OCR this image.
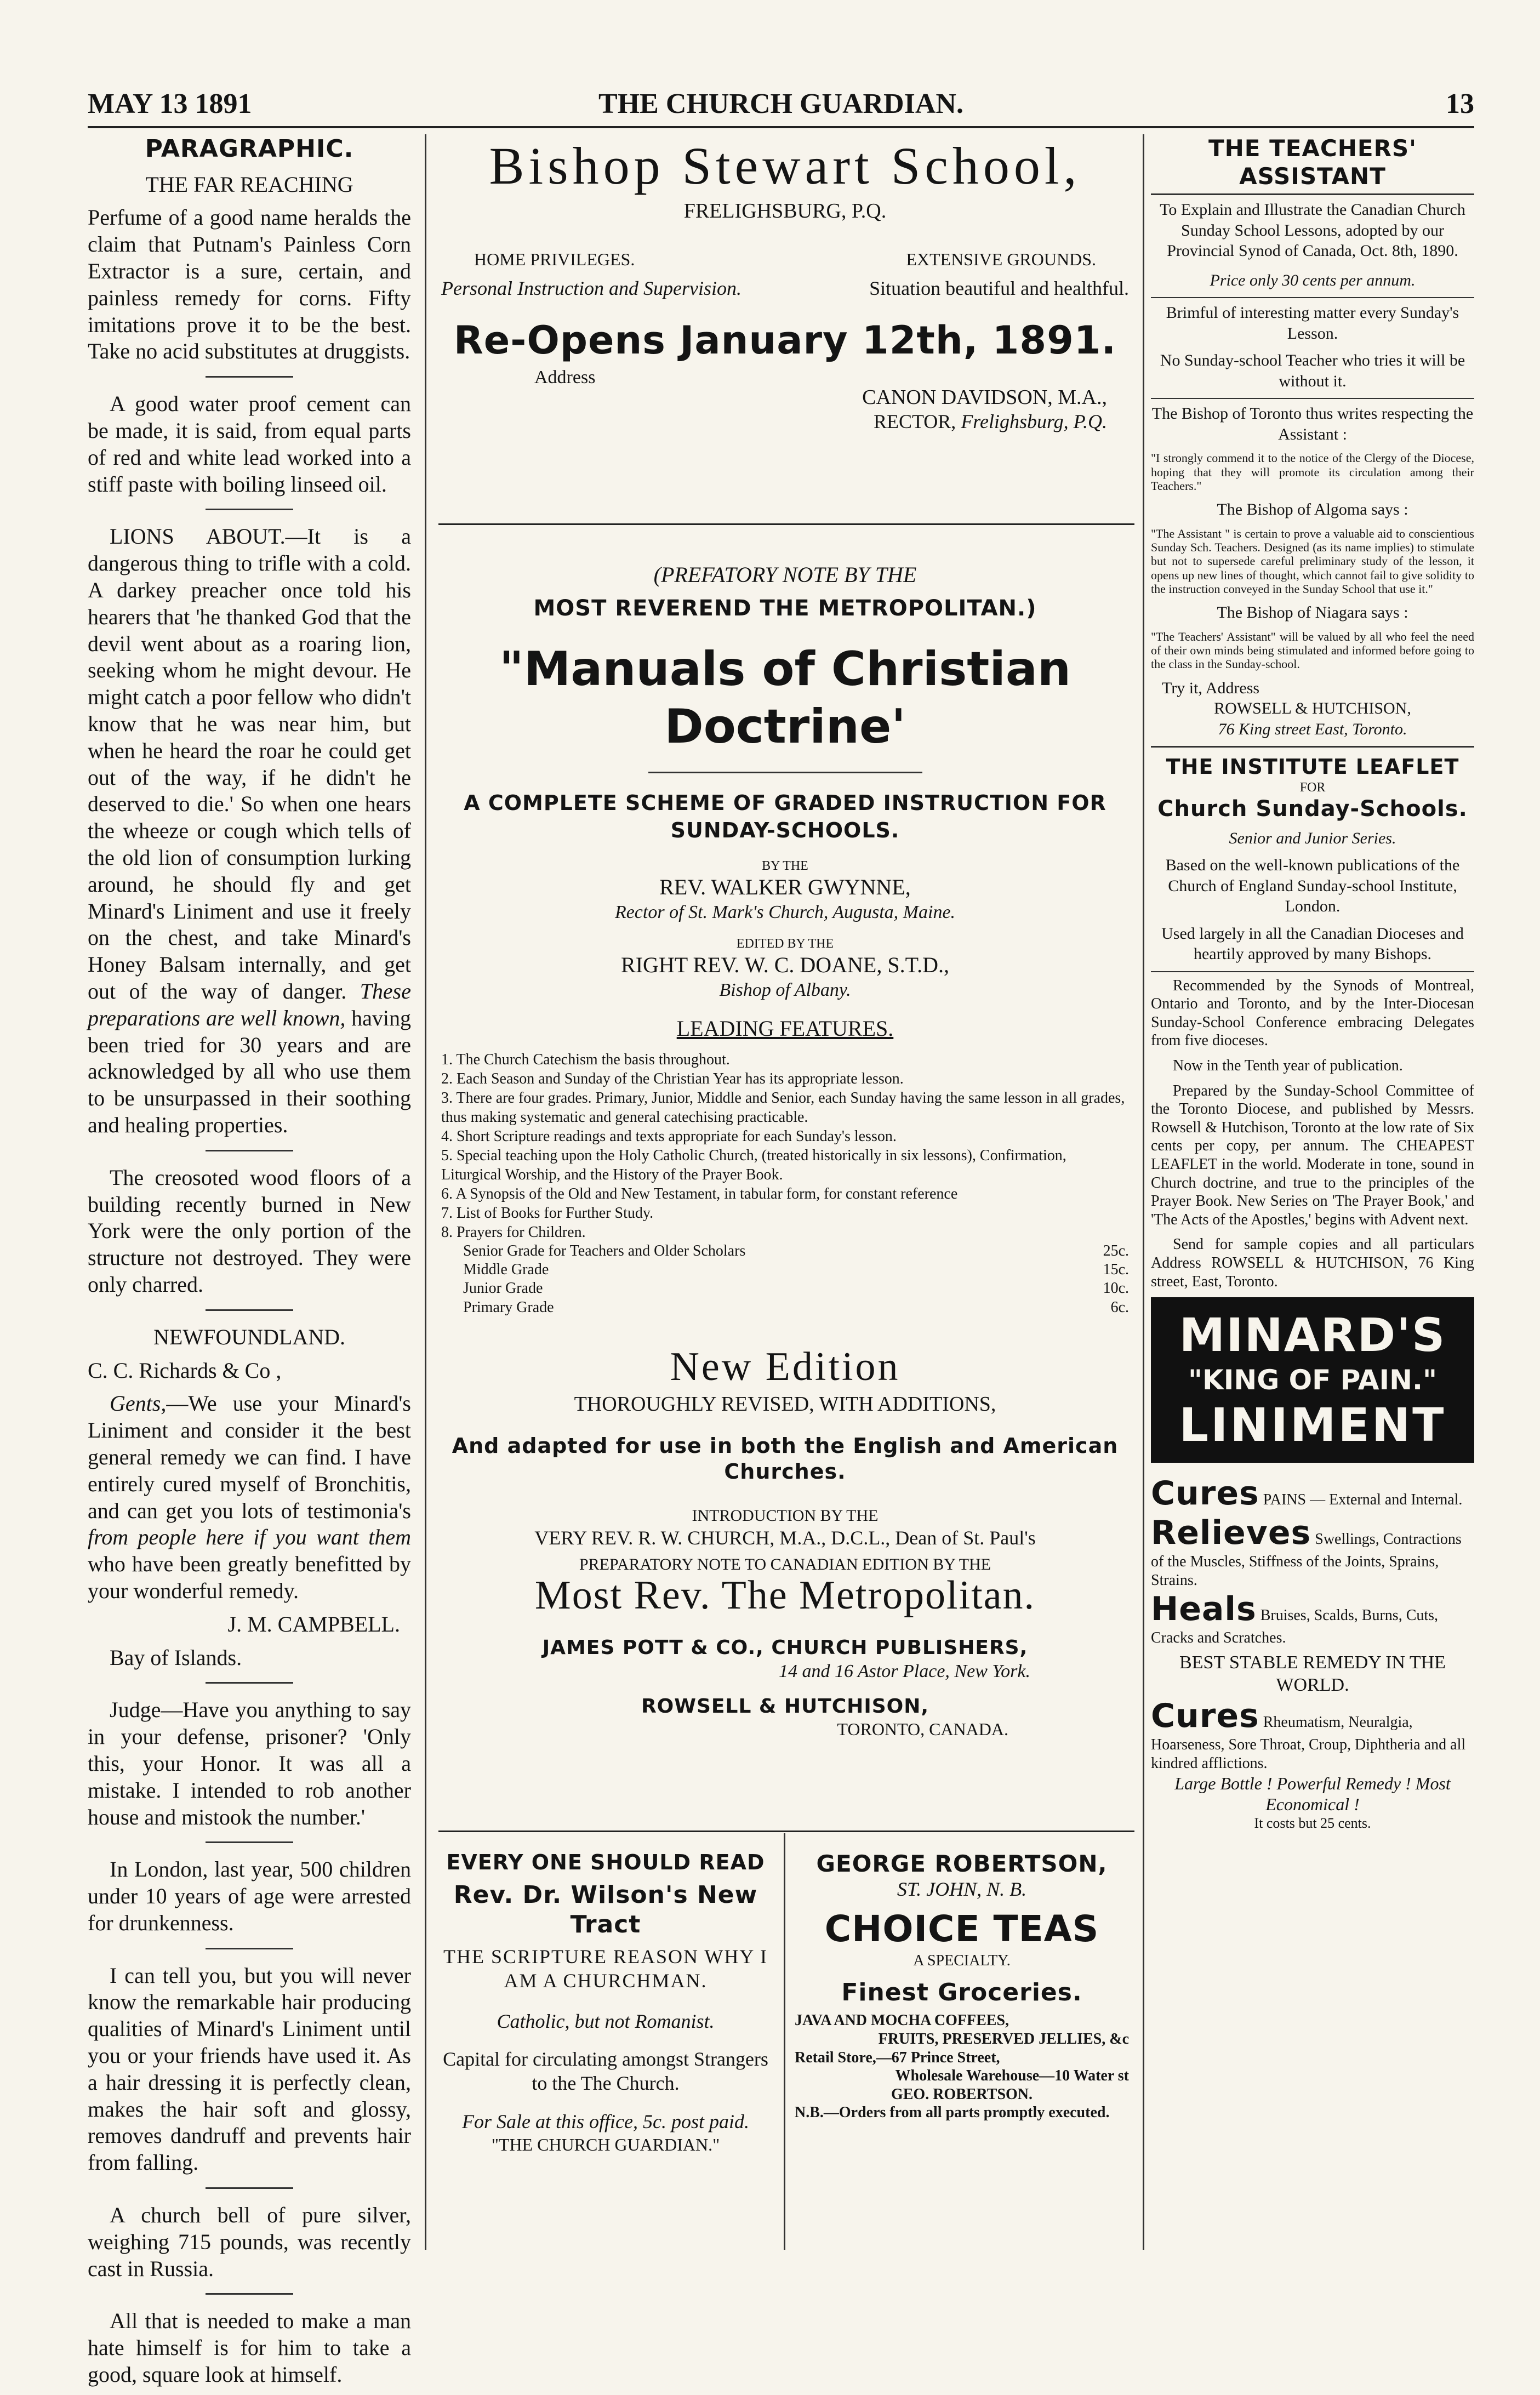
MAY 13 1891	THE CHURCH GUARDIAN.	13

PARAGRAPHIC.

THE FAR REACHING

Perfume of a good name heralds the claim that Putnam's Painless Corn Extractor is a sure, certain, and painless remedy for corns. Fifty imitations prove it to be the best. Take no acid substitutes at druggists.

A good water proof cement can be made, it is said, from equal parts of red and white lead worked into a stiff paste with boiling linseed oil.

LIONS ABOUT.—It is a dangerous thing to trifle with a cold. A darkey preacher once told his hearers that 'he thanked God that the devil went about as a roaring lion, seeking whom he might devour. He might catch a poor fellow who didn't know that he was near him, but when he heard the roar he could get out of the way, if he didn't he deserved to die.' So when one hears the wheeze or cough which tells of the old lion of consumption lurking around, he should fly and get Minard's Liniment and use it freely on the chest, and take Minard's Honey Balsam internally, and get out of the way of danger. These preparations are well known, having been tried for 30 years and are acknowledged by all who use them to be unsurpassed in their soothing and healing properties.

The creosoted wood floors of a building recently burned in New York were the only portion of the structure not destroyed. They were only charred.

NEWFOUNDLAND.

C. C. Richards & Co ,

Gents,—We use your Minard's Liniment and consider it the best general remedy we can find. I have entirely cured myself of Bronchitis, and can get you lots of testimonia's from people here if you want them who have been greatly benefitted by your wonderful remedy.

J. M. CAMPBELL.

Bay of Islands.

Judge—Have you anything to say in your defense, prisoner? 'Only this, your Honor. It was all a mistake. I intended to rob another house and mistook the number.'

In London, last year, 500 children under 10 years of age were arrested for drunkenness.

I can tell you, but you will never know the remarkable hair producing qualities of Minard's Liniment until you or your friends have used it. As a hair dressing it is perfectly clean, makes the hair soft and glossy, removes dandruff and prevents hair from falling.

A church bell of pure silver, weighing 715 pounds, was recently cast in Russia.

All that is needed to make a man hate himself is for him to take a good, square look at himself.

Bishop Stewart School,
FRELIGHSBURG, P.Q.
HOME PRIVILEGES.	EXTENSIVE GROUNDS.
Personal Instruction and Supervision.	Situation beautiful and healthful.
Re-Opens January 12th, 1891.
Address
CANON DAVIDSON, M.A.,
RECTOR, Frelighsburg, P.Q.
(PREFATORY NOTE BY THE
MOST REVEREND THE METROPOLITAN.)
"Manuals of Christian Doctrine'
A COMPLETE SCHEME OF GRADED INSTRUCTION FOR SUNDAY-SCHOOLS.
BY THE
REV. WALKER GWYNNE,
Rector of St. Mark's Church, Augusta, Maine.
EDITED BY THE
RIGHT REV. W. C. DOANE, S.T.D.,
Bishop of Albany.
LEADING FEATURES.

1. The Church Catechism the basis throughout.

2. Each Season and Sunday of the Christian Year has its appropriate lesson.

3. There are four grades. Primary, Junior, Middle and Senior, each Sunday having the same lesson in all grades, thus making systematic and general catechising practicable.

4. Short Scripture readings and texts appropriate for each Sunday's lesson.

5. Special teaching upon the Holy Catholic Church, (treated historically in six lessons), Confirmation, Liturgical Worship, and the History of the Prayer Book.

6. A Synopsis of the Old and New Testament, in tabular form, for constant reference

7. List of Books for Further Study.

8. Prayers for Children.

Senior Grade for Teachers and Older Scholars	25c.
Middle Grade	15c.
Junior Grade	10c.
Primary Grade	6c.
New Edition
THOROUGHLY REVISED, WITH ADDITIONS,
And adapted for use in both the English and American Churches.
INTRODUCTION BY THE
VERY REV. R. W. CHURCH, M.A., D.C.L., Dean of St. Paul's
PREPARATORY NOTE TO CANADIAN EDITION BY THE
Most Rev. The Metropolitan.
JAMES POTT & CO., CHURCH PUBLISHERS,
14 and 16 Astor Place, New York.
ROWSELL & HUTCHISON,
TORONTO, CANADA.
EVERY ONE SHOULD READ
Rev. Dr. Wilson's New Tract
THE SCRIPTURE REASON WHY I AM A CHURCHMAN.
Catholic, but not Romanist.
Capital for circulating amongst Strangers to the The Church.
For Sale at this office, 5c. post paid.
"THE CHURCH GUARDIAN."
GEORGE ROBERTSON,
ST. JOHN, N. B.
CHOICE TEAS
A SPECIALTY.
Finest Groceries.
JAVA AND MOCHA COFFEES,
FRUITS, PRESERVED JELLIES, &c
Retail Store,—67 Prince Street,
Wholesale Warehouse—10 Water st
GEO. ROBERTSON.
N.B.—Orders from all parts promptly executed.
THE TEACHERS' ASSISTANT

To Explain and Illustrate the Canadian Church Sunday School Lessons, adopted by our Provincial Synod of Canada, Oct. 8th, 1890.

Price only 30 cents per annum.

Brimful of interesting matter every Sunday's Lesson.

No Sunday-school Teacher who tries it will be without it.

The Bishop of Toronto thus writes respecting the Assistant :

"I strongly commend it to the notice of the Clergy of the Diocese, hoping that they will promote its circulation among their Teachers."

The Bishop of Algoma says :

"The Assistant " is certain to prove a valuable aid to conscientious Sunday Sch. Teachers. Designed (as its name implies) to stimulate but not to supersede careful preliminary study of the lesson, it opens up new lines of thought, which cannot fail to give solidity to the instruction conveyed in the Sunday School that use it."

The Bishop of Niagara says :

"The Teachers' Assistant" will be valued by all who feel the need of their own minds being stimulated and informed before going to the class in the Sunday-school.

Try it, Address

ROWSELL & HUTCHISON,

76 King street East, Toronto.

THE INSTITUTE LEAFLET
FOR
Church Sunday-Schools.

Senior and Junior Series.

Based on the well-known publications of the Church of England Sunday-school Institute, London.

Used largely in all the Canadian Dioceses and heartily approved by many Bishops.

Recommended by the Synods of Montreal, Ontario and Toronto, and by the Inter-Diocesan Sunday-School Conference embracing Delegates from five dioceses.

Now in the Tenth year of publication.

Prepared by the Sunday-School Committee of the Toronto Diocese, and published by Messrs. Rowsell & Hutchison, Toronto at the low rate of Six cents per copy, per annum. The CHEAPEST LEAFLET in the world. Moderate in tone, sound in Church doctrine, and true to the principles of the Prayer Book. New Series on 'The Prayer Book,' and 'The Acts of the Apostles,' begins with Advent next.

Send for sample copies and all particulars Address ROWSELL & HUTCHISON, 76 King street, East, Toronto.

MINARD'S
"KING OF PAIN."
LINIMENT
Cures PAINS — External and Internal.
Relieves Swellings, Contractions of the Muscles, Stiffness of the Joints, Sprains, Strains.
Heals Bruises, Scalds, Burns, Cuts, Cracks and Scratches.
BEST STABLE REMEDY IN THE WORLD.
Cures Rheumatism, Neuralgia, Hoarseness, Sore Throat, Croup, Diphtheria and all kindred afflictions.
Large Bottle ! Powerful Remedy ! Most Economical !
It costs but 25 cents.
